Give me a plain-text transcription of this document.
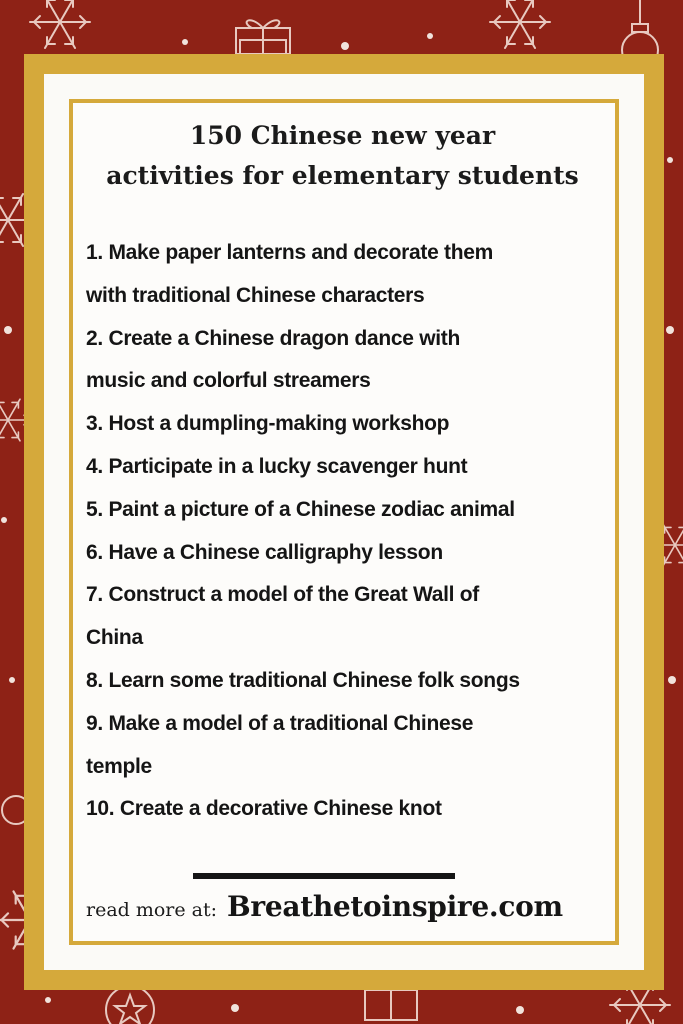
150 Chinese new year
activities for elementary students
1. Make paper lanterns and decorate them
with traditional Chinese characters
2. Create a Chinese dragon dance with
music and colorful streamers
3. Host a dumpling-making workshop
4. Participate in a lucky scavenger hunt
5. Paint a picture of a Chinese zodiac animal
6. Have a Chinese calligraphy lesson
7. Construct a model of the Great Wall of
China
8. Learn some traditional Chinese folk songs
9. Make a model of a traditional Chinese
temple
10. Create a decorative Chinese knot
read more at: Breathetoinspire.com
